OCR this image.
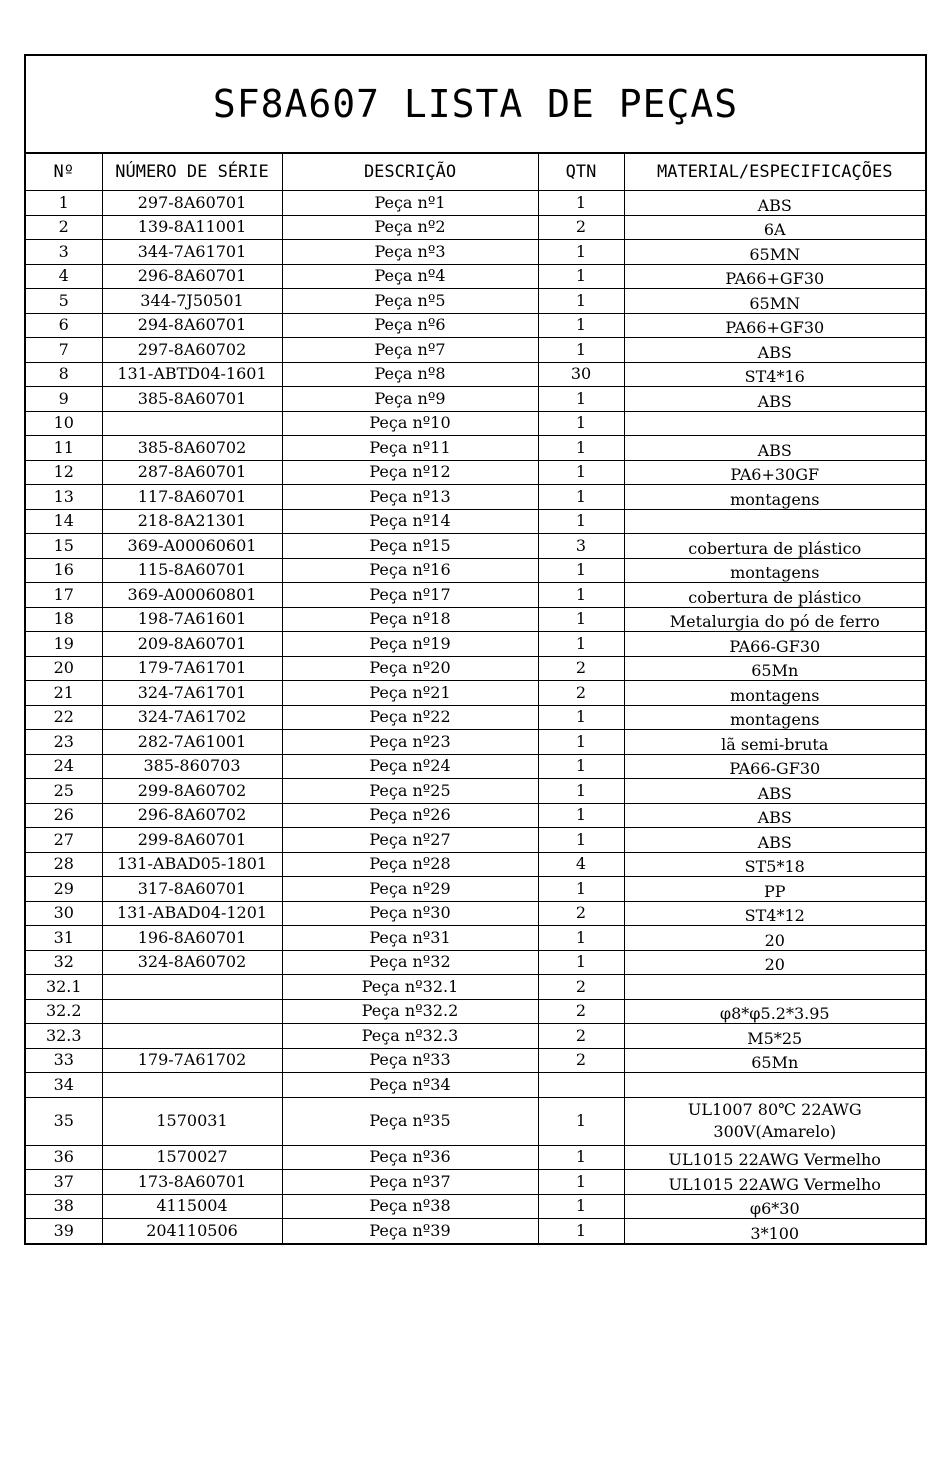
SF8A607 LISTA DE PEÇAS
Nº	NÚMERO DE SÉRIE	DESCRIÇÃO	QTN	MATERIAL/ESPECIFICAÇÕES
1	297-8A60701	Peça nº1	1	ABS
2	139-8A11001	Peça nº2	2	6A
3	344-7A61701	Peça nº3	1	65MN
4	296-8A60701	Peça nº4	1	PA66+GF30
5	344-7J50501	Peça nº5	1	65MN
6	294-8A60701	Peça nº6	1	PA66+GF30
7	297-8A60702	Peça nº7	1	ABS
8	131-ABTD04-1601	Peça nº8	30	ST4*16
9	385-8A60701	Peça nº9	1	ABS
10		Peça nº10	1	
11	385-8A60702	Peça nº11	1	ABS
12	287-8A60701	Peça nº12	1	PA6+30GF
13	117-8A60701	Peça nº13	1	montagens
14	218-8A21301	Peça nº14	1	
15	369-A00060601	Peça nº15	3	cobertura de plástico
16	115-8A60701	Peça nº16	1	montagens
17	369-A00060801	Peça nº17	1	cobertura de plástico
18	198-7A61601	Peça nº18	1	Metalurgia do pó de ferro
19	209-8A60701	Peça nº19	1	PA66-GF30
20	179-7A61701	Peça nº20	2	65Mn
21	324-7A61701	Peça nº21	2	montagens
22	324-7A61702	Peça nº22	1	montagens
23	282-7A61001	Peça nº23	1	lã semi-bruta
24	385-860703	Peça nº24	1	PA66-GF30
25	299-8A60702	Peça nº25	1	ABS
26	296-8A60702	Peça nº26	1	ABS
27	299-8A60701	Peça nº27	1	ABS
28	131-ABAD05-1801	Peça nº28	4	ST5*18
29	317-8A60701	Peça nº29	1	PP
30	131-ABAD04-1201	Peça nº30	2	ST4*12
31	196-8A60701	Peça nº31	1	20
32	324-8A60702	Peça nº32	1	20
32.1		Peça nº32.1	2	
32.2		Peça nº32.2	2	φ8*φ5.2*3.95
32.3		Peça nº32.3	2	M5*25
33	179-7A61702	Peça nº33	2	65Mn
34		Peça nº34		
35	1570031	Peça nº35	1	UL1007 80℃ 22AWG 300V(Amarelo)
36	1570027	Peça nº36	1	UL1015 22AWG Vermelho
37	173-8A60701	Peça nº37	1	UL1015 22AWG Vermelho
38	4115004	Peça nº38	1	φ6*30
39	204110506	Peça nº39	1	3*100
